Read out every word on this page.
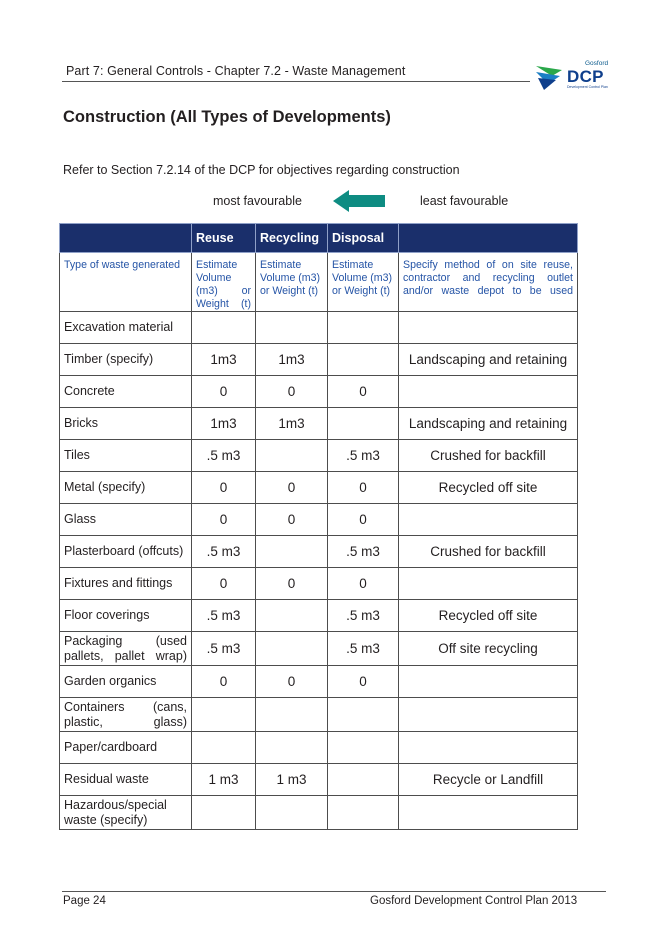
Part 7: General Controls - Chapter 7.2 - Waste Management
Gosford
DCP
Development Control Plan
Construction (All Types of Developments)
Refer to Section 7.2.14 of the DCP for objectives regarding construction
most favourable	least favourable
	Reuse	Recycling	Disposal	
Type of waste generated	Estimate Volume (m3) or Weight (t)	Estimate Volume (m3) or Weight (t)	Estimate Volume (m3) or Weight (t)	Specify method of on site reuse, contractor and recycling outlet and/or waste depot to be used
Excavation material				
Timber (specify)	1m3	1m3		Landscaping and retaining
Concrete	0	0	0	
Bricks	1m3	1m3		Landscaping and retaining
Tiles	.5 m3		.5 m3	Crushed for backfill
Metal (specify)	0	0	0	Recycled off site
Glass	0	0	0	
Plasterboard (offcuts)	.5 m3		.5 m3	Crushed for backfill
Fixtures and fittings	0	0	0	
Floor coverings	.5 m3		.5 m3	Recycled off site
Packaging (used pallets, pallet wrap)	.5 m3		.5 m3	Off site recycling
Garden organics	0	0	0	
Containers (cans, plastic, glass)				
Paper/cardboard				
Residual waste	1 m3	1 m3		Recycle or Landfill
Hazardous/special waste (specify)				
Page 24	Gosford Development Control Plan 2013
